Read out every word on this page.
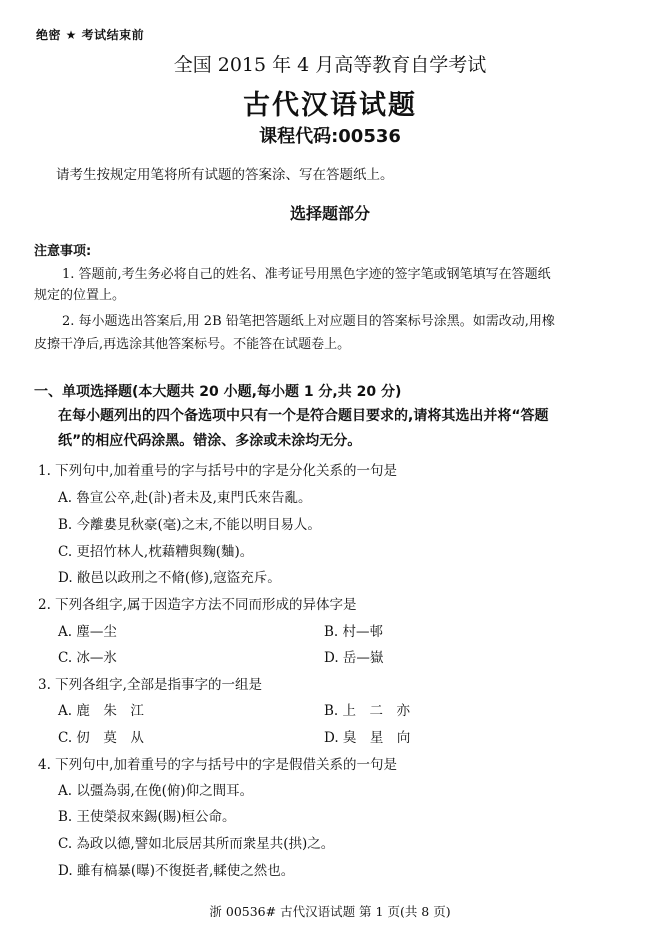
绝密 ★ 考试结束前
全国 2015 年 4 月高等教育自学考试
古代汉语试题
课程代码:00536
请考生按规定用笔将所有试题的答案涂、写在答题纸上。
选择题部分
注意事项:
1. 答题前,考生务必将自己的姓名、准考证号用黑色字迹的签字笔或钢笔填写在答题纸
规定的位置上。
2. 每小题选出答案后,用 2B 铅笔把答题纸上对应题目的答案标号涂黑。如需改动,用橡
皮擦干净后,再选涂其他答案标号。不能答在试题卷上。
一、单项选择题(本大题共 20 小题,每小题 1 分,共 20 分)
在每小题列出的四个备选项中只有一个是符合题目要求的,请将其选出并将“答题
纸”的相应代码涂黑。错涂、多涂或未涂均无分。
1. 下列句中,加着重号的字与括号中的字是分化关系的一句是
A. 魯宣公卒,赴(訃)者未及,東門氏來告亂。
B. 今離婁見秋豪(毫)之末,不能以明目易人。
C. 更招竹林人,枕藉糟與麴(麯)。
D. 敝邑以政刑之不脩(修),寇盜充斥。
2. 下列各组字,属于因造字方法不同而形成的异体字是
A. 塵—尘	B. 村—邨
C. 冰—氷	D. 岳—嶽
3. 下列各组字,全部是指事字的一组是
A. 鹿　朱　江	B. 上　二　亦
C. 仞　莫　从	D. 臭　星　向
4. 下列句中,加着重号的字与括号中的字是假借关系的一句是
A. 以彊為弱,在俛(俯)仰之間耳。
B. 王使榮叔來錫(賜)桓公命。
C. 為政以德,譬如北辰居其所而衆星共(拱)之。
D. 雖有槁暴(曝)不復挺者,輮使之然也。
浙 00536# 古代汉语试题 第 1 页(共 8 页)
